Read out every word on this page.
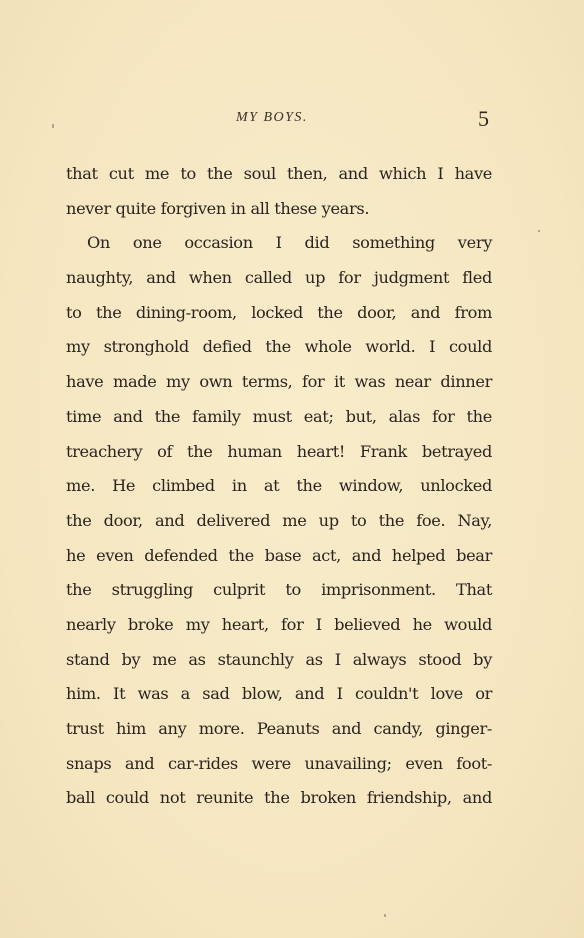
MY BOYS.	5
that cut me to the soul then, and which I have
never quite forgiven in all these years.
On one occasion I did something very
naughty, and when called up for judgment fled
to the dining-room, locked the door, and from
my stronghold defied the whole world. I could
have made my own terms, for it was near dinner
time and the family must eat; but, alas for the
treachery of the human heart! Frank betrayed
me. He climbed in at the window, unlocked
the door, and delivered me up to the foe. Nay,
he even defended the base act, and helped bear
the struggling culprit to imprisonment. That
nearly broke my heart, for I believed he would
stand by me as staunchly as I always stood by
him. It was a sad blow, and I couldn't love or
trust him any more. Peanuts and candy, ginger-
snaps and car-rides were unavailing; even foot-
ball could not reunite the broken friendship, and
